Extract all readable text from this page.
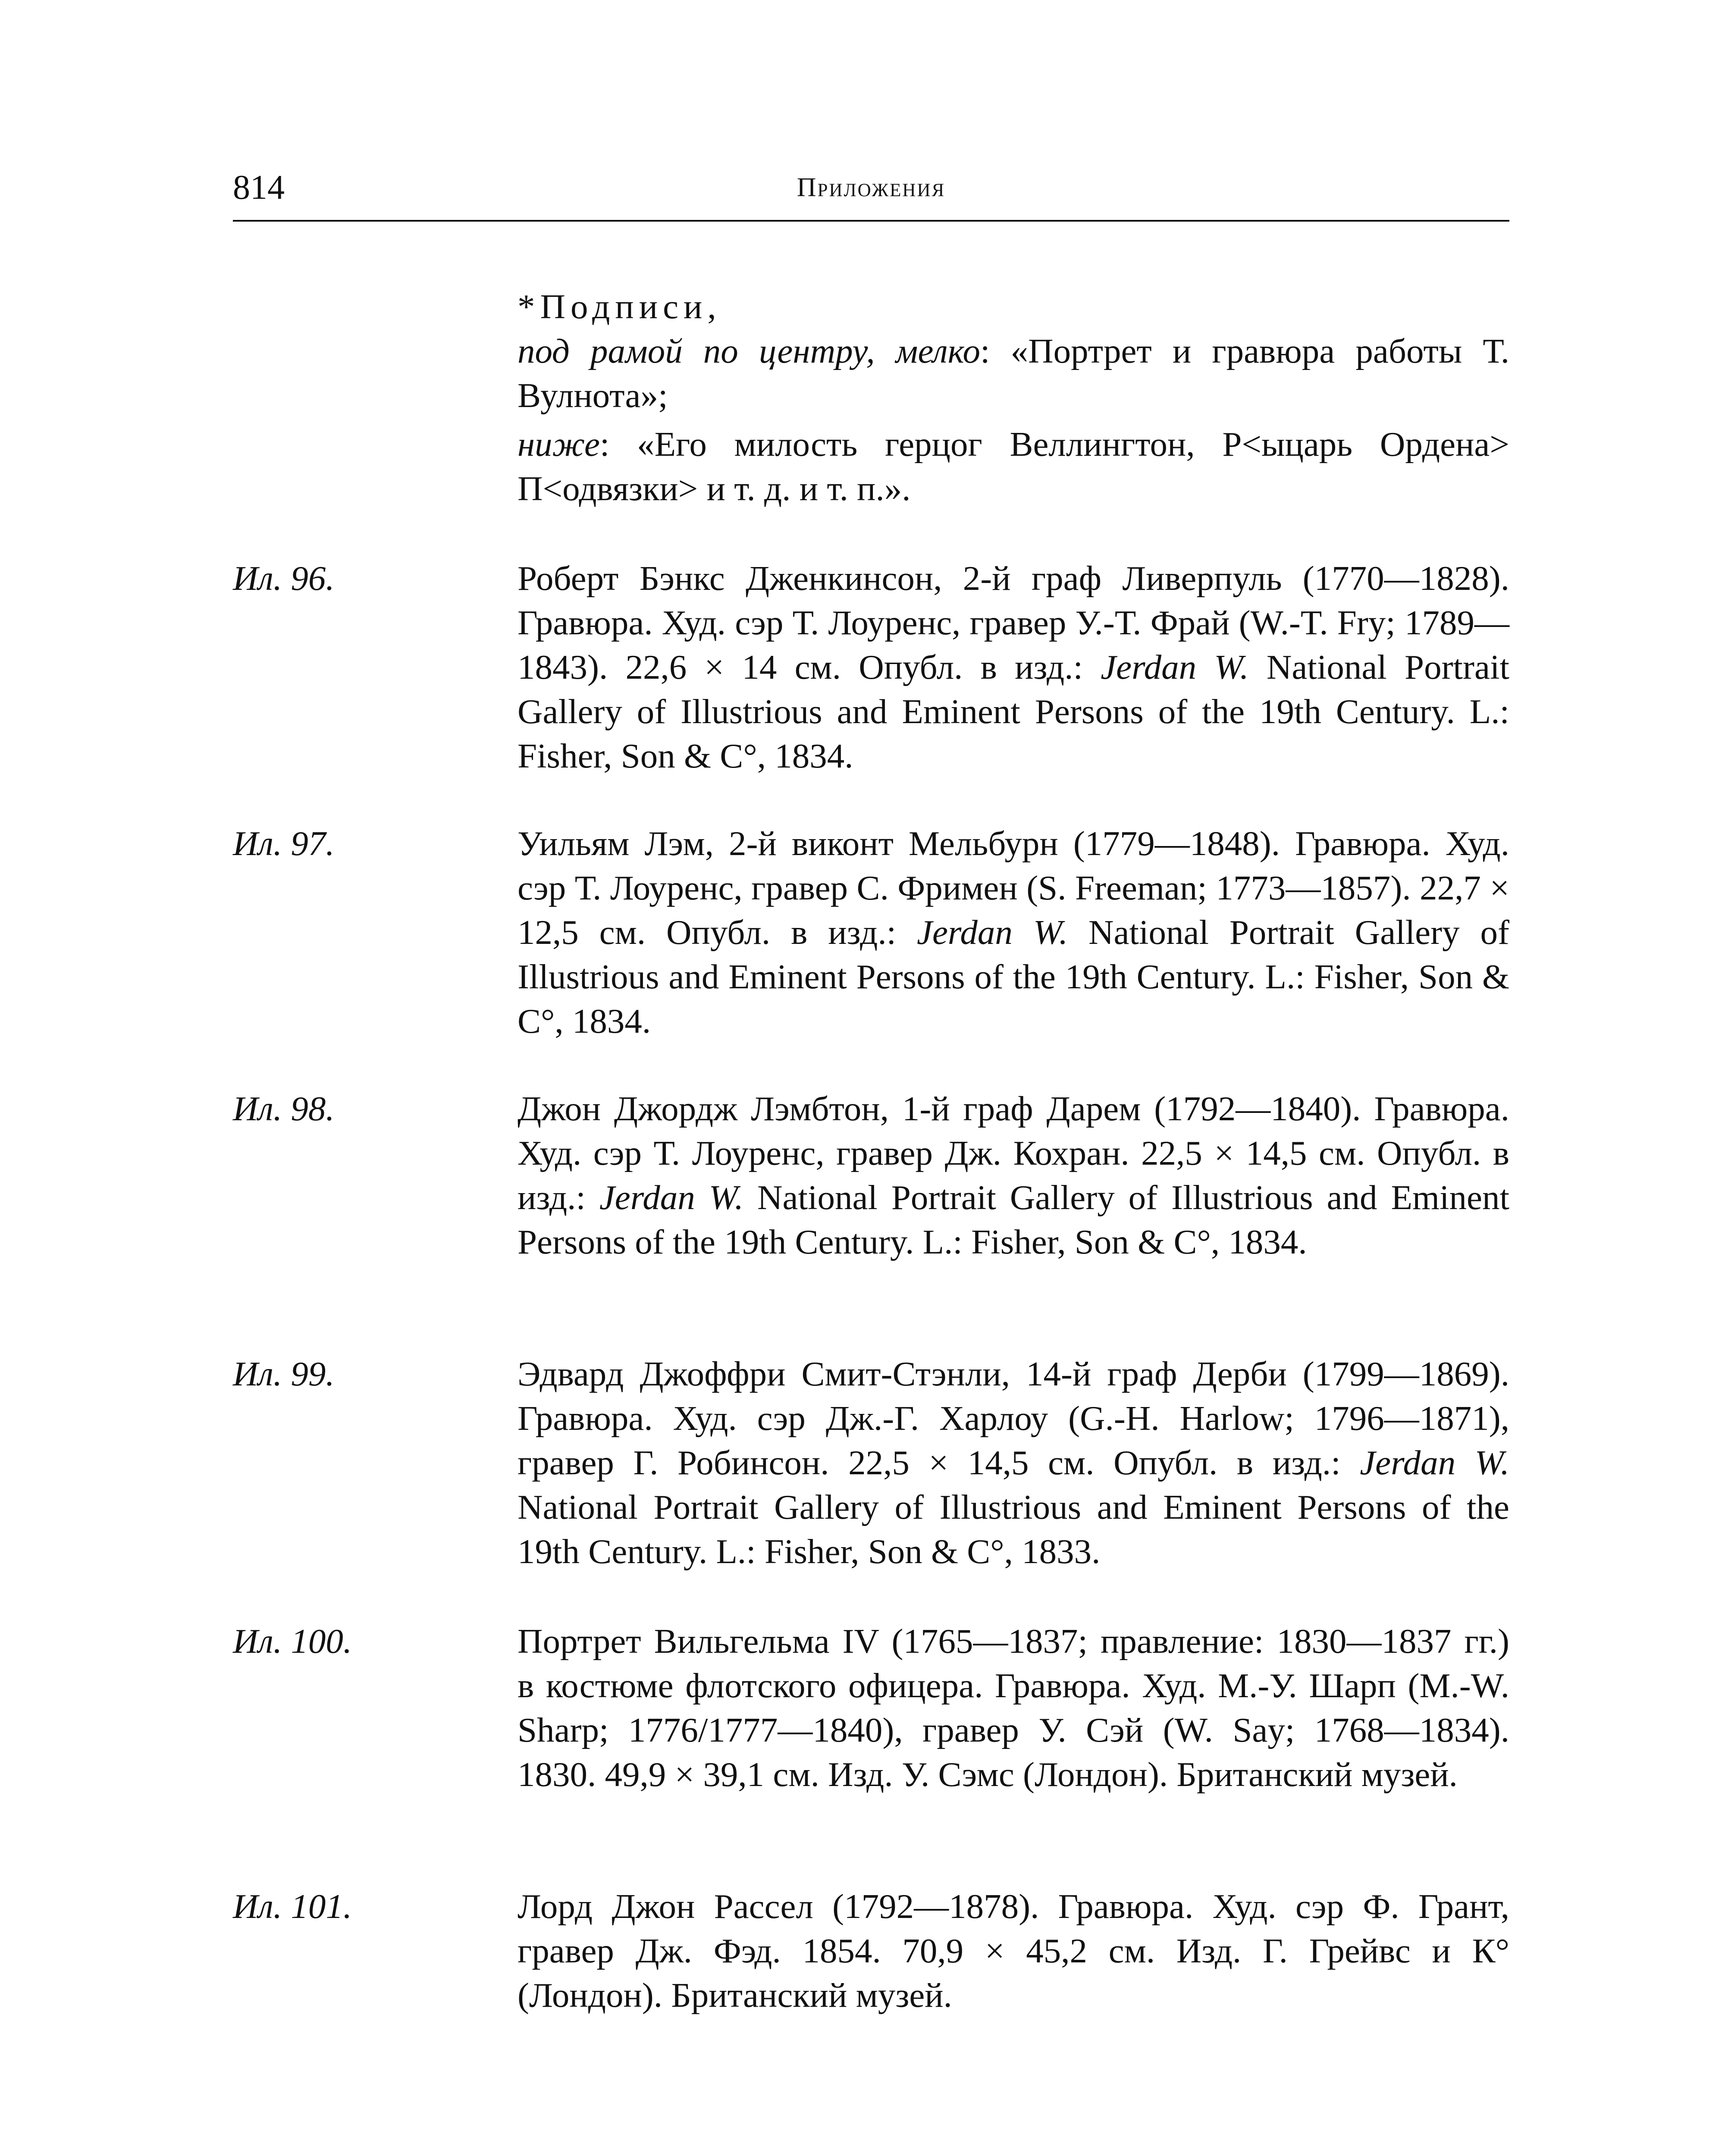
814	Приложения
*Подписи,

под рамой по центру, мелко: «Портрет и гравюра работы Т. Вулнота»;

ниже: «Его милость герцог Веллингтон, Р<ыцарь Ордена> П<одвязки> и т. д. и т. п.».

Ил. 96.	Роберт Бэнкс Дженкинсон, 2-й граф Ливерпуль (1770—1828). Гравюра. Худ. сэр Т. Лоуренс, гравер У.-Т. Фрай (W.-T. Fry; 1789—1843). 22,6 × 14 см. Опубл. в изд.: Jerdan W. National Portrait Gallery of Illustrious and Eminent Persons of the 19th Century. L.: Fisher, Son & C°, 1834.

Ил. 97.	Уильям Лэм, 2-й виконт Мельбурн (1779—1848). Гравюра. Худ. сэр Т. Лоуренс, гравер С. Фримен (S. Freeman; 1773—1857). 22,7 × 12,5 см. Опубл. в изд.: Jerdan W. National Portrait Gallery of Illustrious and Eminent Persons of the 19th Century. L.: Fisher, Son & C°, 1834.

Ил. 98.	Джон Джордж Лэмбтон, 1-й граф Дарем (1792—1840). Гравюра. Худ. сэр Т. Лоуренс, гравер Дж. Кохран. 22,5 × 14,5 см. Опубл. в изд.: Jerdan W. National Portrait Gallery of Illustrious and Eminent Persons of the 19th Century. L.: Fisher, Son & C°, 1834.

Ил. 99.	Эдвард Джоффри Смит-Стэнли, 14-й граф Дерби (1799—1869). Гравюра. Худ. сэр Дж.-Г. Харлоу (G.-H. Harlow; 1796—1871), гравер Г. Робинсон. 22,5 × 14,5 см. Опубл. в изд.: Jerdan W. National Portrait Gallery of Illustrious and Eminent Persons of the 19th Century. L.: Fisher, Son & C°, 1833.

Ил. 100.	Портрет Вильгельма IV (1765—1837; правление: 1830—1837 гг.) в костюме флотского офицера. Гравюра. Худ. М.-У. Шарп (M.-W. Sharp; 1776/1777—1840), гравер У. Сэй (W. Say; 1768—1834). 1830. 49,9 × 39,1 см. Изд. У. Сэмс (Лондон). Британский музей.

Ил. 101.	Лорд Джон Рассел (1792—1878). Гравюра. Худ. сэр Ф. Грант, гравер Дж. Фэд. 1854. 70,9 × 45,2 см. Изд. Г. Грейвс и К° (Лондон). Британский музей.
